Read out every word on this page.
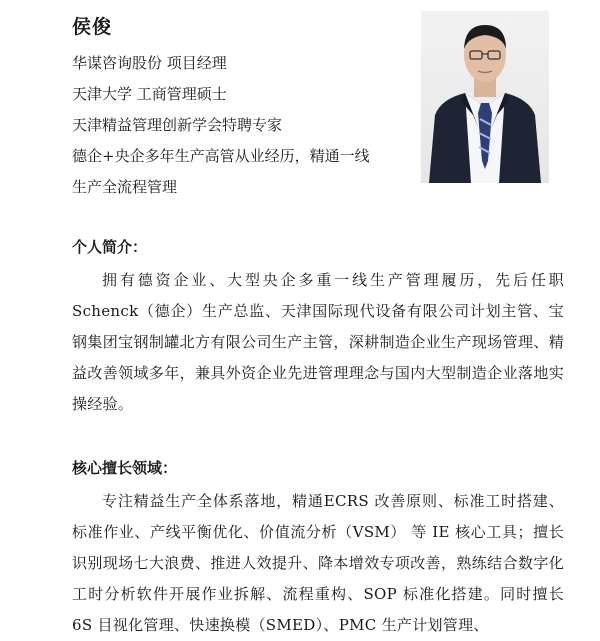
侯俊
华谋咨询股份 项目经理
天津大学 工商管理硕士
天津精益管理创新学会特聘专家
德企+央企多年生产高管从业经历，精通一线
生产全流程管理
个人简介：

拥有德资企业、大型央企多重一线生产管理履历，先后任职Schenck（德企）生产总监、天津国际现代设备有限公司计划主管、宝钢集团宝钢制罐北方有限公司生产主管，深耕制造企业生产现场管理、精益改善领域多年，兼具外资企业先进管理理念与国内大型制造企业落地实操经验。

核心擅长领域：

专注精益生产全体系落地，精通ECRS 改善原则、标准工时搭建、标准作业、产线平衡优化、价值流分析（VSM） 等 IE 核心工具；擅长识别现场七大浪费、推进人效提升、降本增效专项改善，熟练结合数字化工时分析软件开展作业拆解、流程重构、SOP 标准化搭建。同时擅长 6S 目视化管理、快速换模（SMED）、PMC 生产计划管理、
